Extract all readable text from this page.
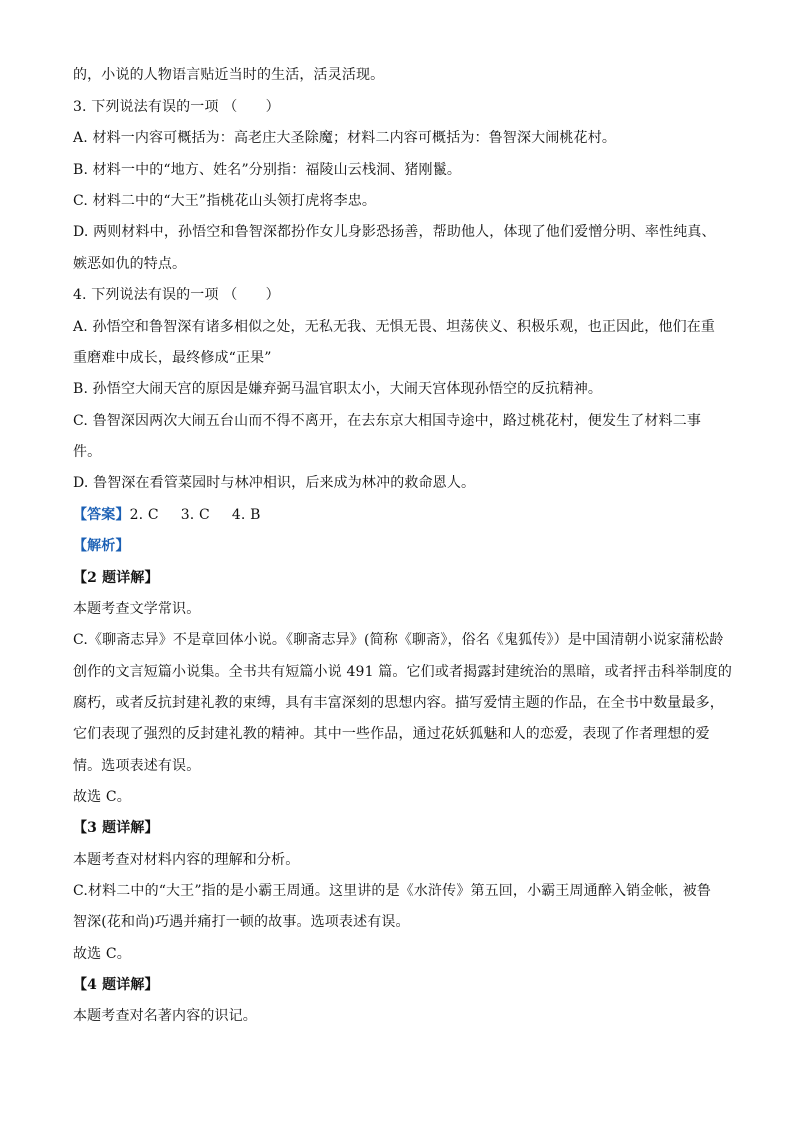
的，小说的人物语言贴近当时的生活，活灵活现。
3. 下列说法有误的一项 （　　）
A. 材料一内容可概括为：高老庄大圣除魔；材料二内容可概括为：鲁智深大闹桃花村。
B. 材料一中的“地方、姓名”分别指：福陵山云栈洞、猪刚鬣。
C. 材料二中的“大王”指桃花山头领打虎将李忠。
D. 两则材料中，孙悟空和鲁智深都扮作女儿身影恐扬善，帮助他人，体现了他们爱憎分明、率性纯真、
嫉恶如仇的特点。
4. 下列说法有误的一项 （　　）
A. 孙悟空和鲁智深有诸多相似之处，无私无我、无惧无畏、坦荡侠义、积极乐观，也正因此，他们在重
重磨难中成长，最终修成“正果”
B. 孙悟空大闹天宫的原因是嫌弃弼马温官职太小，大闹天宫体现孙悟空的反抗精神。
C. 鲁智深因两次大闹五台山而不得不离开，在去东京大相国寺途中，路过桃花村，便发生了材料二事
件。
D. 鲁智深在看管菜园时与林冲相识，后来成为林冲的救命恩人。
【答案】2. C 3. C 4. B
【解析】
【2 题详解】
本题考查文学常识。
C.《聊斋志异》不是章回体小说。《聊斋志异》(简称《聊斋》，俗名《鬼狐传》）是中国清朝小说家蒲松龄
创作的文言短篇小说集。全书共有短篇小说 491 篇。它们或者揭露封建统治的黑暗，或者抨击科举制度的
腐朽，或者反抗封建礼教的束缚，具有丰富深刻的思想内容。描写爱情主题的作品，在全书中数量最多，
它们表现了强烈的反封建礼教的精神。其中一些作品，通过花妖狐魅和人的恋爱，表现了作者理想的爱
情。选项表述有误。
故选 C。
【3 题详解】
本题考查对材料内容的理解和分析。
C.材料二中的“大王”指的是小霸王周通。这里讲的是《水浒传》第五回，小霸王周通醉入销金帐，被鲁
智深(花和尚)巧遇并痛打一顿的故事。选项表述有误。
故选 C。
【4 题详解】
本题考查对名著内容的识记。
